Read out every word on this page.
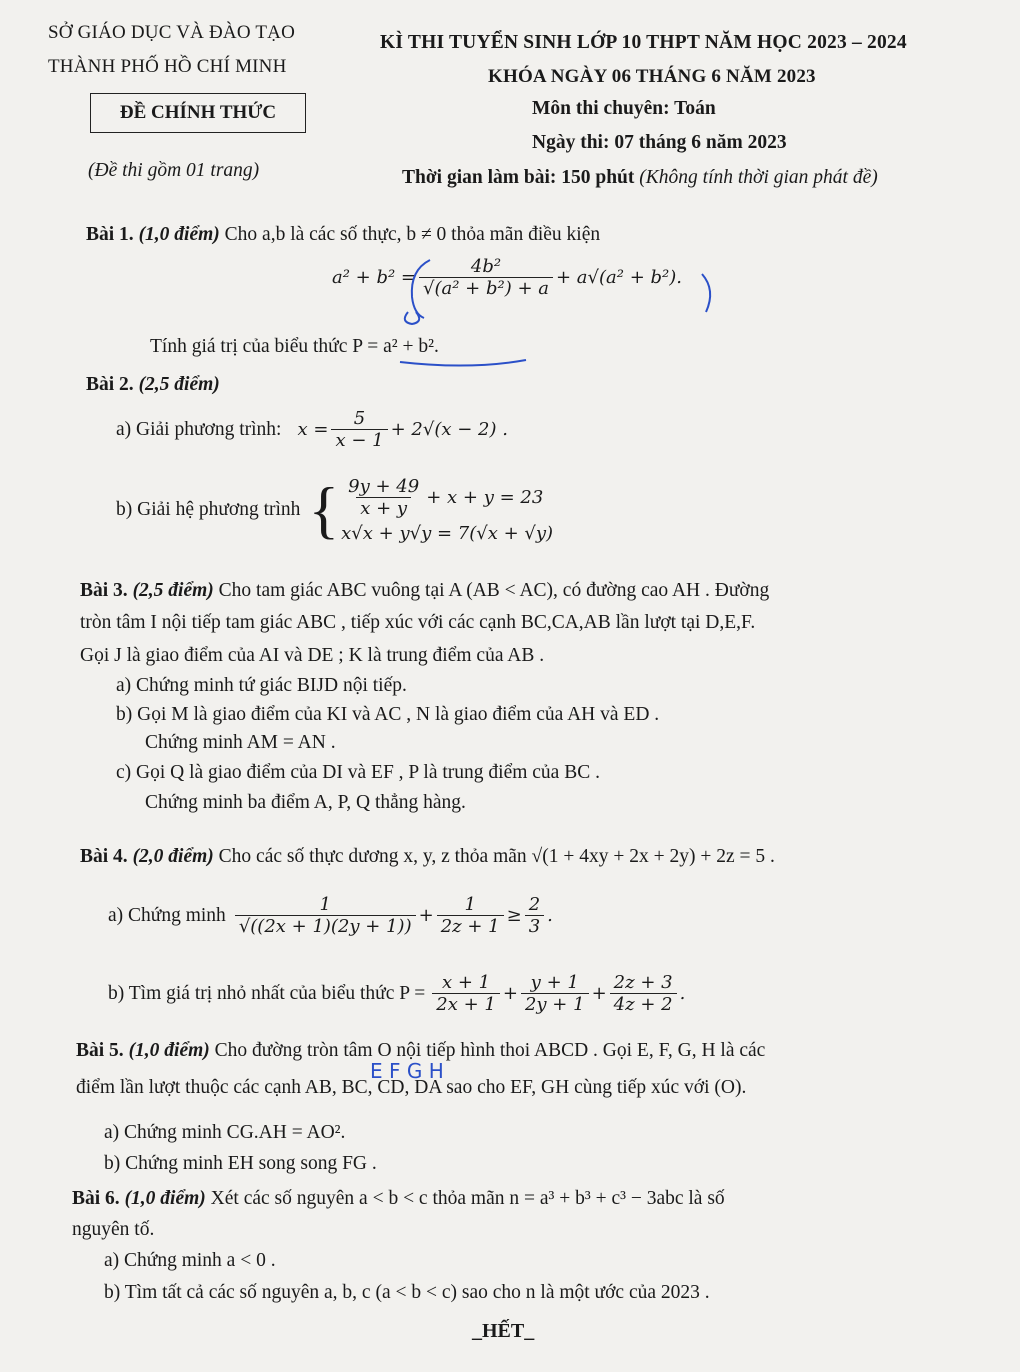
SỞ GIÁO DỤC VÀ ĐÀO TẠO
THÀNH PHỐ HỒ CHÍ MINH
KÌ THI TUYỂN SINH LỚP 10 THPT NĂM HỌC 2023 – 2024
KHÓA NGÀY 06 THÁNG 6 NĂM 2023
ĐỀ CHÍNH THỨC	Môn thi chuyên: Toán
Ngày thi: 07 tháng 6 năm 2023
(Đề thi gồm 01 trang)	Thời gian làm bài: 150 phút (Không tính thời gian phát đề)
Bài 1. (1,0 điểm) Cho a,b là các số thực, b ≠ 0 thỏa mãn điều kiện
$a^2 + b^2 = \frac{\text{4b²}}{\text{√(a² + b²) + a}} + a√(a^2 + b^2)$.
Tính giá trị của biểu thức P = a² + b².
Bài 2. (2,5 điểm)
a) Giải phương trình: $x = \frac{5}{x - 1} + 2√(x - 2)$ .
b) Giải hệ phương trình { $\frac{9y + 49}{x + y} + x + y = 23$
x√x + y√y = 7(√x + √y)
Bài 3. (2,5 điểm) Cho tam giác ABC vuông tại A (AB < AC), có đường cao AH . Đường
tròn tâm I nội tiếp tam giác ABC , tiếp xúc với các cạnh BC,CA,AB lần lượt tại D,E,F.
Gọi J là giao điểm của AI và DE ; K là trung điểm của AB .
a) Chứng minh tứ giác BIJD nội tiếp.
b) Gọi M là giao điểm của KI và AC , N là giao điểm của AH và ED .
Chứng minh AM = AN .
c) Gọi Q là giao điểm của DI và EF , P là trung điểm của BC .
Chứng minh ba điểm A, P, Q thẳng hàng.
Bài 4. (2,0 điểm) Cho các số thực dương x, y, z thỏa mãn √(1 + 4xy + 2x + 2y) + 2z = 5 .
a) Chứng minh $\frac{1}{√((2x + 1)(2y + 1))} + \frac{1}{2z + 1} \ge \frac{2}{3}$ .
b) Tìm giá trị nhỏ nhất của biểu thức $P = \frac{x + 1}{2x + 1} + \frac{y + 1}{2y + 1} + \frac{2z + 3}{4z + 2}$ .
Bài 5. (1,0 điểm) Cho đường tròn tâm O nội tiếp hình thoi ABCD . Gọi E, F, G, H là các
E F G H
điểm lần lượt thuộc các cạnh AB, BC, CD, DA sao cho EF, GH cùng tiếp xúc với (O).
a) Chứng minh CG.AH = AO².
b) Chứng minh EH song song FG .
Bài 6. (1,0 điểm) Xét các số nguyên a < b < c thỏa mãn n = a³ + b³ + c³ − 3abc là số
nguyên tố.
a) Chứng minh a < 0 .
b) Tìm tất cả các số nguyên a, b, c (a < b < c) sao cho n là một ước của 2023 .
_HẾT_
